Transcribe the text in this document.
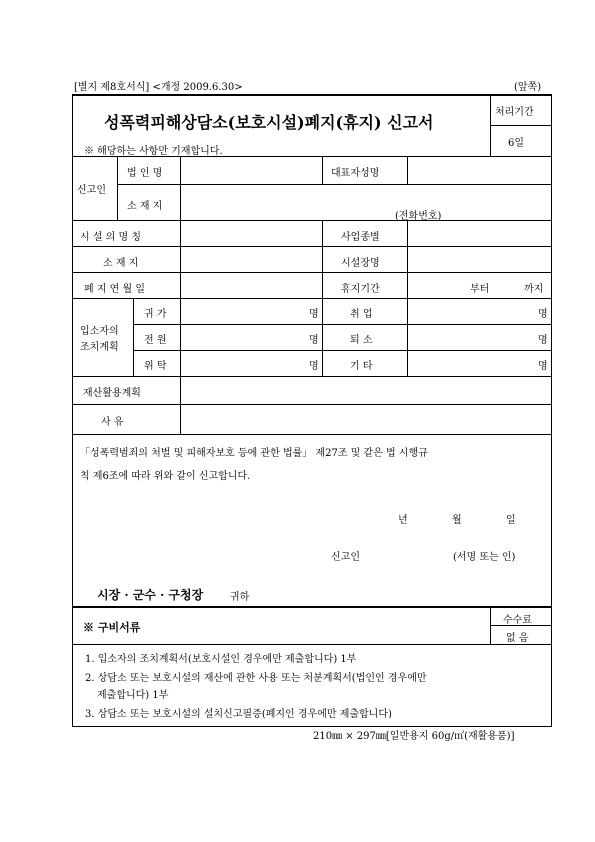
[별지 제8호서식] <개정 2009.6.30>	(앞쪽)
성폭력피해상담소(보호시설)폐지(휴지) 신고서
※ 해당하는 사항만 기재합니다.
처리기간
6일
신고인
법 인 명	대표자성명
소 재 지
(전화번호)
시 설 의 명 칭	사업종별
소 재 지	시설장명
폐 지 연 월 일	휴지기간	부터	까지
입소자의
조치계획
귀 가	명	취 업	명
전 원	명	퇴 소	명
위 탁	명	기 타	명
재산활용계획
사 유
「성폭력범죄의 처벌 및 피해자보호 등에 관한 법률」 제27조 및 같은 법 시행규
칙 제6조에 따라 위와 같이 신고합니다.
년	월	일
신고인	(서명 또는 인)
시장 · 군수 · 구청장	귀하
※ 구비서류
수수료
없 음
1. 입소자의 조치계획서(보호시설인 경우에만 제출합니다) 1부
2. 상담소 또는 보호시설의 재산에 관한 사용 또는 처분계획서(법인인 경우에만
제출합니다) 1부
3. 상담소 또는 보호시설의 설치신고필증(폐지인 경우에만 제출합니다)
210㎜ × 297㎜[일반용지 60g/㎡(재활용품)]
